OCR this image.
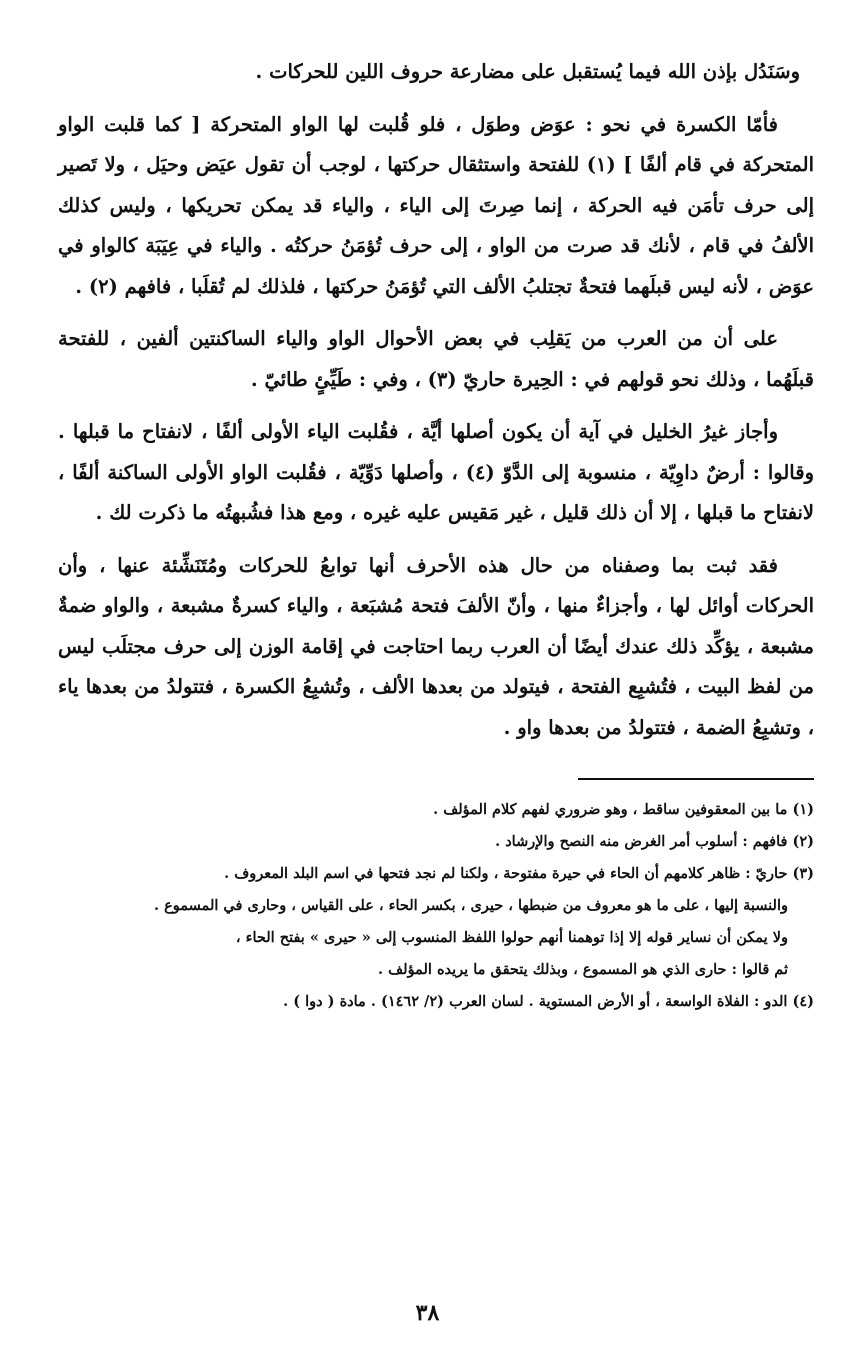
وسَنَدُل بإذن الله فيما يُستقبل على مضارعة حروف اللين للحركات .

فأمّا الكسرة في نحو : عوَض وطوَل ، فلو قُلبت لها الواو المتحركة [ كما قلبت الواو المتحركة في قام ألفًا ] (١) للفتحة واستثقال حركتها ، لوجب أن تقول عيَض وحيَل ، ولا تَصير إلى حرف تأمَن فيه الحركة ، إنما صِرتَ إلى الياء ، والياء قد يمكن تحريكها ، وليس كذلك الألفُ في قام ، لأنك قد صرت من الواو ، إلى حرف تُؤمَنُ حركتُه . والياء في عِيَبَة كالواو في عوَض ، لأنه ليس قبلَهما فتحةٌ تجتلبُ الألف التي تُؤمَنُ حركتها ، فلذلك لم تُقلَبا ، فافهم (٢) .

على أن من العرب من يَقلِب في بعض الأحوال الواو والياء الساكنتين ألفين ، للفتحة قبلَهُما ، وذلك نحو قولهم في : الحِيرة حاريّ (٣) ، وفي : طَيِّئٍ طائيّ .

وأجاز غيرُ الخليل في آية أن يكون أصلها أيَّة ، فقُلبت الياء الأولى ألفًا ، لانفتاح ما قبلها . وقالوا : أرضٌ داوِيّة ، منسوبة إلى الدَّوّ (٤) ، وأصلها دَوِّيّة ، فقُلبت الواو الأولى الساكنة ألفًا ، لانفتاح ما قبلها ، إلا أن ذلك قليل ، غير مَقيس عليه غيره ، ومع هذا فشُبهتُه ما ذكرت لك .

فقد ثبت بما وصفناه من حال هذه الأحرف أنها توابعُ للحركات ومُتَنَشِّئة عنها ، وأن الحركات أوائل لها ، وأجزاءٌ منها ، وأنّ الألفَ فتحة مُشبَعة ، والياء كسرةٌ مشبعة ، والواو ضمةٌ مشبعة ، يؤكِّد ذلك عندك أيضًا أن العرب ربما احتاجت في إقامة الوزن إلى حرف مجتلَب ليس من لفظ البيت ، فتُشبِع الفتحة ، فيتولد من بعدها الألف ، وتُشبِعُ الكسرة ، فتتولدُ من بعدها ياء ، وتشبِعُ الضمة ، فتتولدُ من بعدها واو .

(١) ما بين المعقوفين ساقط ، وهو ضروري لفهم كلام المؤلف .

(٢) فافهم : أسلوب أمر الغرض منه النصح والإرشاد .

(٣) حاريّ : ظاهر كلامهم أن الحاء في حيرة مفتوحة ، ولكنا لم نجد فتحها في اسم البلد المعروف .

والنسبة إليها ، على ما هو معروف من ضبطها ، حيرى ، بكسر الحاء ، على القياس ، وحارى في المسموع .

ولا يمكن أن نساير قوله إلا إذا توهمنا أنهم حولوا اللفظ المنسوب إلى « حيرى » بفتح الحاء ،

ثم قالوا : حارى الذي هو المسموع ، وبذلك يتحقق ما يريده المؤلف .

(٤) الدو : الفلاة الواسعة ، أو الأرض المستوية . لسان العرب (٢/ ١٤٦٢) . مادة ( دوا ) .

٣٨
